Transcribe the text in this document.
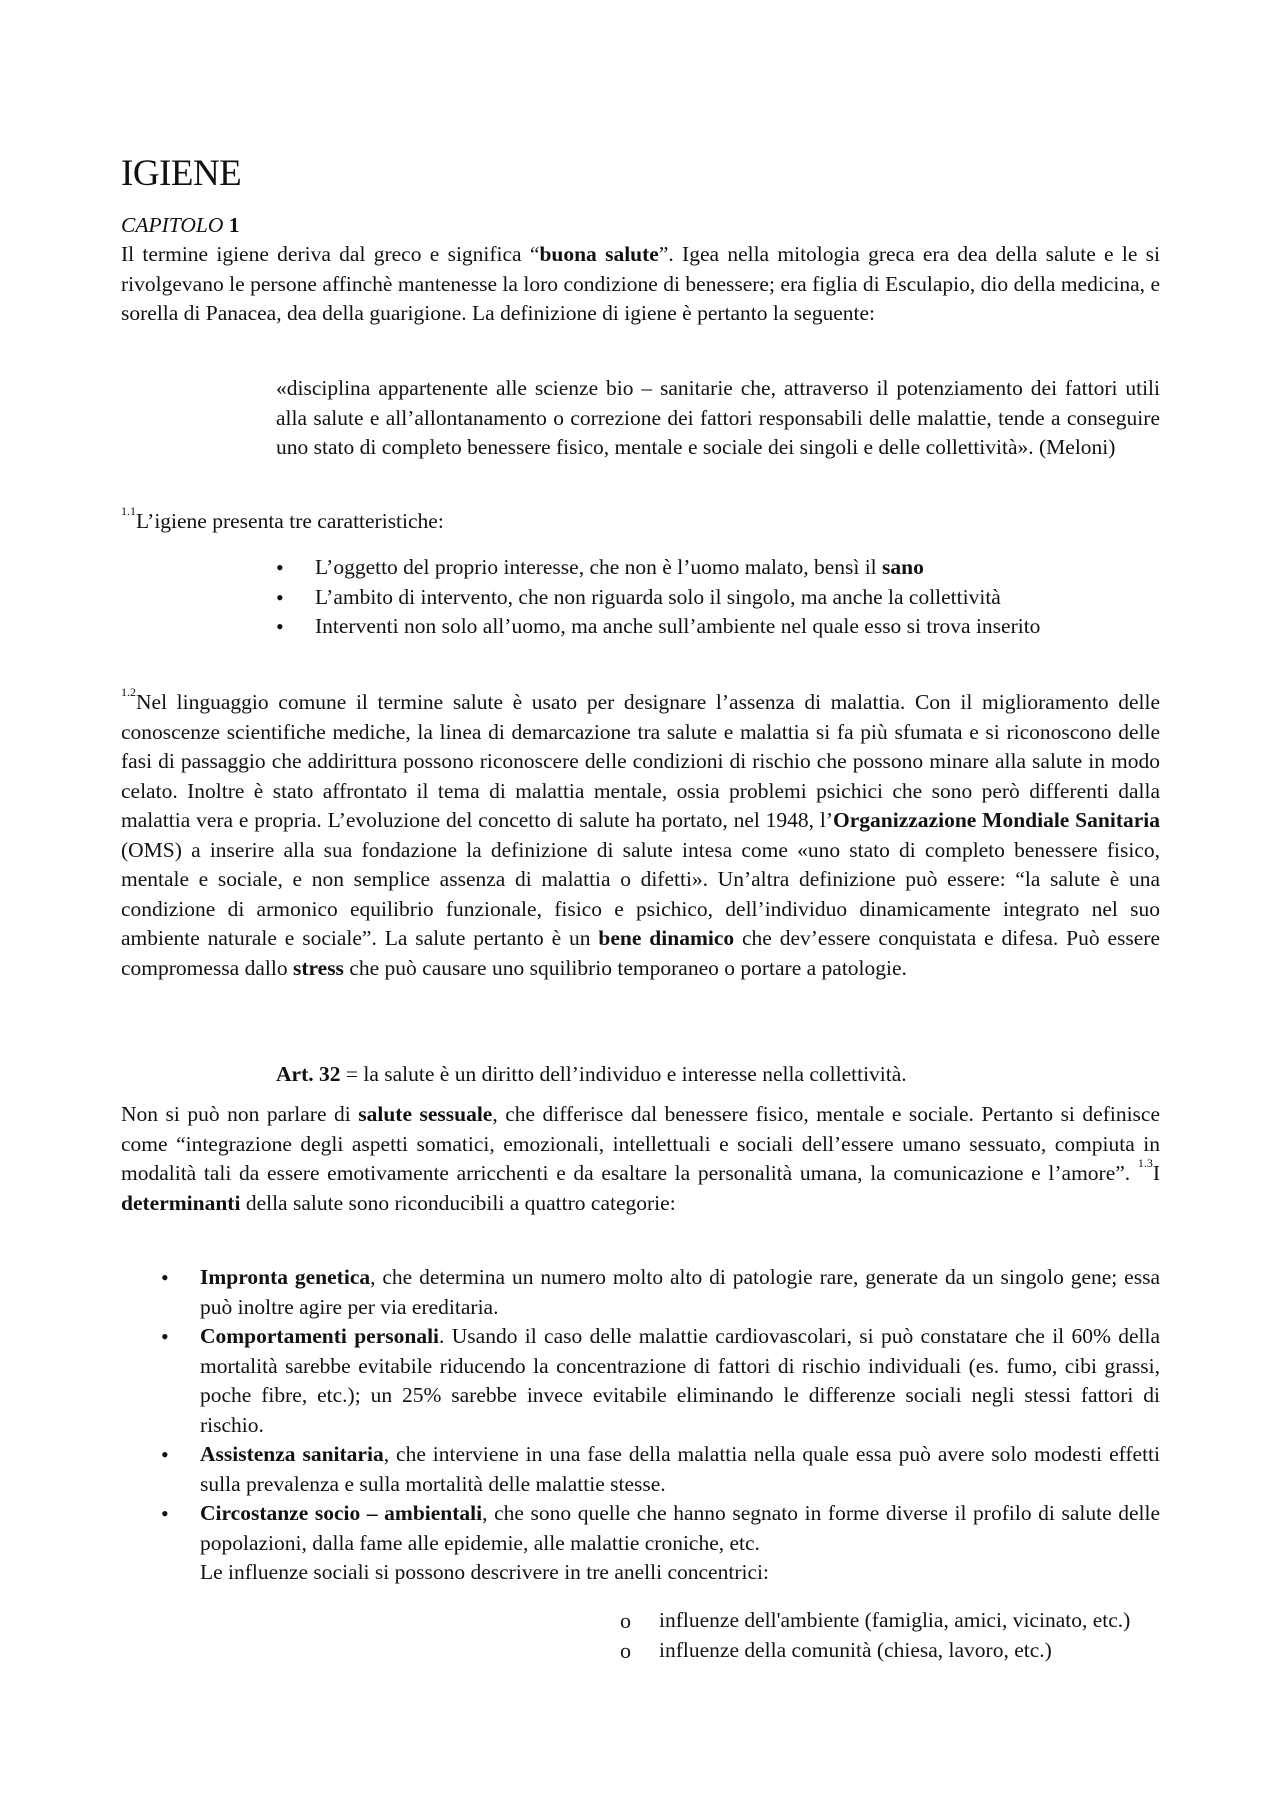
IGIENE
CAPITOLO 1

Il termine igiene deriva dal greco e significa “buona salute”. Igea nella mitologia greca era dea della salute e le si rivolgevano le persone affinchè mantenesse la loro condizione di benessere; era figlia di Esculapio, dio della medicina, e sorella di Panacea, dea della guarigione. La definizione di igiene è pertanto la seguente:

«disciplina appartenente alle scienze bio – sanitarie che, attraverso il potenziamento dei fattori utili alla salute e all’allontanamento o correzione dei fattori responsabili delle malattie, tende a conseguire uno stato di completo benessere fisico, mentale e sociale dei singoli e delle collettività». (Meloni)

$^{1.1}$L’igiene presenta tre caratteristiche:

• L’oggetto del proprio interesse, che non è l’uomo malato, bensì il sano
• L’ambito di intervento, che non riguarda solo il singolo, ma anche la collettività
• Interventi non solo all’uomo, ma anche sull’ambiente nel quale esso si trova inserito

$^{1.2}$Nel linguaggio comune il termine salute è usato per designare l’assenza di malattia. Con il miglioramento delle conoscenze scientifiche mediche, la linea di demarcazione tra salute e malattia si fa più sfumata e si riconoscono delle fasi di passaggio che addirittura possono riconoscere delle condizioni di rischio che possono minare alla salute in modo celato. Inoltre è stato affrontato il tema di malattia mentale, ossia problemi psichici che sono però differenti dalla malattia vera e propria. L’evoluzione del concetto di salute ha portato, nel 1948, l’Organizzazione Mondiale Sanitaria (OMS) a inserire alla sua fondazione la definizione di salute intesa come «uno stato di completo benessere fisico, mentale e sociale, e non semplice assenza di malattia o difetti». Un’altra definizione può essere: “la salute è una condizione di armonico equilibrio funzionale, fisico e psichico, dell’individuo dinamicamente integrato nel suo ambiente naturale e sociale”. La salute pertanto è un bene dinamico che dev’essere conquistata e difesa. Può essere compromessa dallo stress che può causare uno squilibrio temporaneo o portare a patologie.

Art. 32 = la salute è un diritto dell’individuo e interesse nella collettività.

Non si può non parlare di salute sessuale, che differisce dal benessere fisico, mentale e sociale. Pertanto si definisce come “integrazione degli aspetti somatici, emozionali, intellettuali e sociali dell’essere umano sessuato, compiuta in modalità tali da essere emotivamente arricchenti e da esaltare la personalità umana, la comunicazione e l’amore”. $^{1.3}$I determinanti della salute sono riconducibili a quattro categorie:

• Impronta genetica, che determina un numero molto alto di patologie rare, generate da un singolo gene; essa può inoltre agire per via ereditaria.
• Comportamenti personali. Usando il caso delle malattie cardiovascolari, si può constatare che il 60% della mortalità sarebbe evitabile riducendo la concentrazione di fattori di rischio individuali (es. fumo, cibi grassi, poche fibre, etc.); un 25% sarebbe invece evitabile eliminando le differenze sociali negli stessi fattori di rischio.
• Assistenza sanitaria, che interviene in una fase della malattia nella quale essa può avere solo modesti effetti sulla prevalenza e sulla mortalità delle malattie stesse.
• Circostanze socio – ambientali, che sono quelle che hanno segnato in forme diverse il profilo di salute delle popolazioni, dalla fame alle epidemie, alle malattie croniche, etc.
Le influenze sociali si possono descrivere in tre anelli concentrici:
o influenze dell'ambiente (famiglia, amici, vicinato, etc.)
o influenze della comunità (chiesa, lavoro, etc.)
